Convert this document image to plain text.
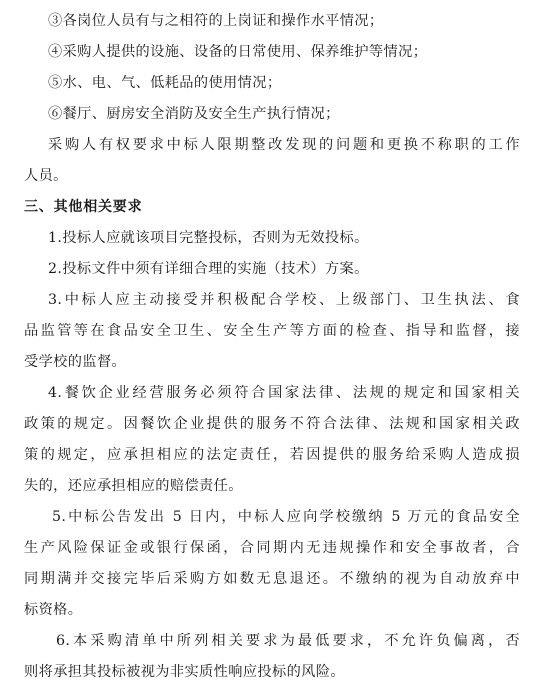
③各岗位人员有与之相符的上岗证和操作水平情况；
④采购人提供的设施、设备的日常使用、保养维护等情况；
⑤水、电、气、低耗品的使用情况；
⑥餐厅、厨房安全消防及安全生产执行情况；
采购人有权要求中标人限期整改发现的问题和更换不称职的工作
人员。
三、其他相关要求
1.投标人应就该项目完整投标，否则为无效投标。
2.投标文件中须有详细合理的实施（技术）方案。
3.中标人应主动接受并积极配合学校、上级部门、卫生执法、食
品监管等在食品安全卫生、安全生产等方面的检查、指导和监督，接
受学校的监督。
4.餐饮企业经营服务必须符合国家法律、法规的规定和国家相关
政策的规定。因餐饮企业提供的服务不符合法律、法规和国家相关政
策的规定，应承担相应的法定责任，若因提供的服务给采购人造成损
失的，还应承担相应的赔偿责任。
5.中标公告发出 5 日内，中标人应向学校缴纳 5 万元的食品安全
生产风险保证金或银行保函，合同期内无违规操作和安全事故者，合
同期满并交接完毕后采购方如数无息退还。不缴纳的视为自动放弃中
标资格。
6.本采购清单中所列相关要求为最低要求，不允许负偏离，否
则将承担其投标被视为非实质性响应投标的风险。
